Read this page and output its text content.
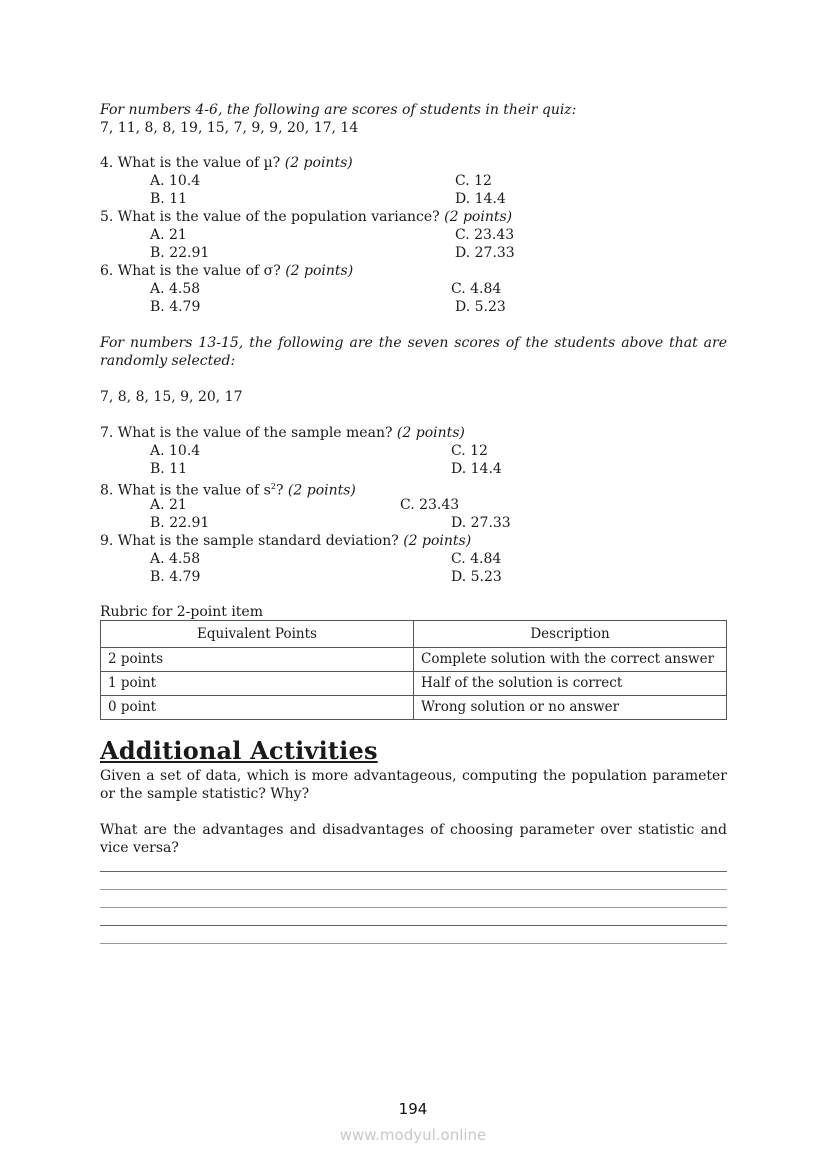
For numbers 4-6, the following are scores of students in their quiz:
7, 11, 8, 8, 19, 15, 7, 9, 9, 20, 17, 14
4. What is the value of µ? (2 points)
A. 10.4	C. 12
B. 11	D. 14.4
5. What is the value of the population variance? (2 points)
A. 21	C. 23.43
B. 22.91	D. 27.33
6. What is the value of σ? (2 points)
A. 4.58	C. 4.84
B. 4.79	D. 5.23
For numbers 13-15, the following are the seven scores of the students above that are randomly selected:
7, 8, 8, 15, 9, 20, 17
7. What is the value of the sample mean? (2 points)
A. 10.4	C. 12
B. 11	D. 14.4
8. What is the value of $s^2$? (2 points)
A. 21	C. 23.43
B. 22.91	D. 27.33
9. What is the sample standard deviation? (2 points)
A. 4.58	C. 4.84
B. 4.79	D. 5.23
Rubric for 2-point item
Equivalent Points	Description
2 points	Complete solution with the correct answer
1 point	Half of the solution is correct
0 point	Wrong solution or no answer
Additional Activities
Given a set of data, which is more advantageous, computing the population parameter or the sample statistic? Why?
What are the advantages and disadvantages of choosing parameter over statistic and vice versa?
194
www.modyul.online
